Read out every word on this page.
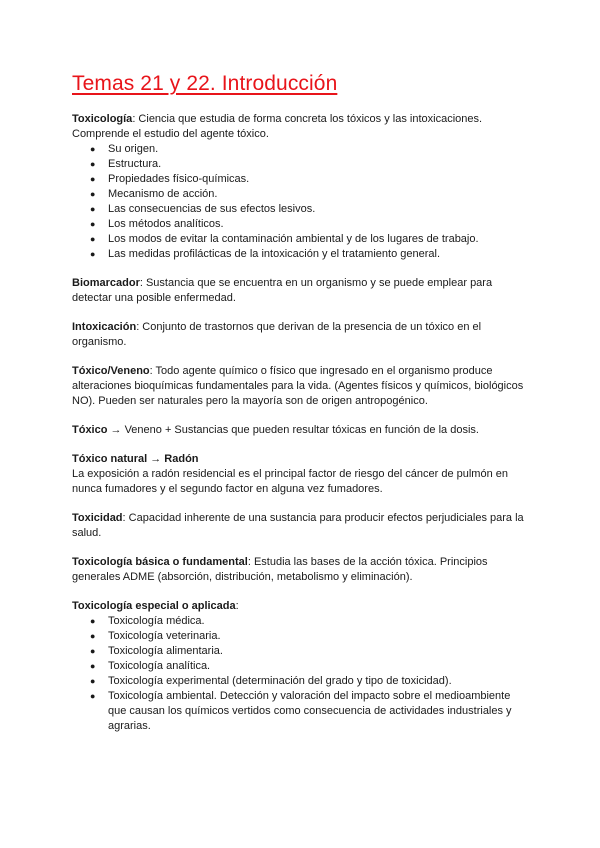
Temas 21 y 22. Introducción

Toxicología: Ciencia que estudia de forma concreta los tóxicos y las intoxicaciones. Comprende el estudio del agente tóxico.

● Su origen.
● Estructura.
● Propiedades físico-químicas.
● Mecanismo de acción.
● Las consecuencias de sus efectos lesivos.
● Los métodos analíticos.
● Los modos de evitar la contaminación ambiental y de los lugares de trabajo.
● Las medidas profilácticas de la intoxicación y el tratamiento general.

Biomarcador: Sustancia que se encuentra en un organismo y se puede emplear para detectar una posible enfermedad.

Intoxicación: Conjunto de trastornos que derivan de la presencia de un tóxico en el organismo.

Tóxico/Veneno: Todo agente químico o físico que ingresado en el organismo produce alteraciones bioquímicas fundamentales para la vida. (Agentes físicos y químicos, biológicos NO). Pueden ser naturales pero la mayoría son de origen antropogénico.

Tóxico → Veneno + Sustancias que pueden resultar tóxicas en función de la dosis.

Tóxico natural → Radón
La exposición a radón residencial es el principal factor de riesgo del cáncer de pulmón en nunca fumadores y el segundo factor en alguna vez fumadores.

Toxicidad: Capacidad inherente de una sustancia para producir efectos perjudiciales para la salud.

Toxicología básica o fundamental: Estudia las bases de la acción tóxica. Principios generales ADME (absorción, distribución, metabolismo y eliminación).

Toxicología especial o aplicada:

● Toxicología médica.
● Toxicología veterinaria.
● Toxicología alimentaria.
● Toxicología analítica.
● Toxicología experimental (determinación del grado y tipo de toxicidad).
● Toxicología ambiental. Detección y valoración del impacto sobre el medioambiente que causan los químicos vertidos como consecuencia de actividades industriales y agrarias.
